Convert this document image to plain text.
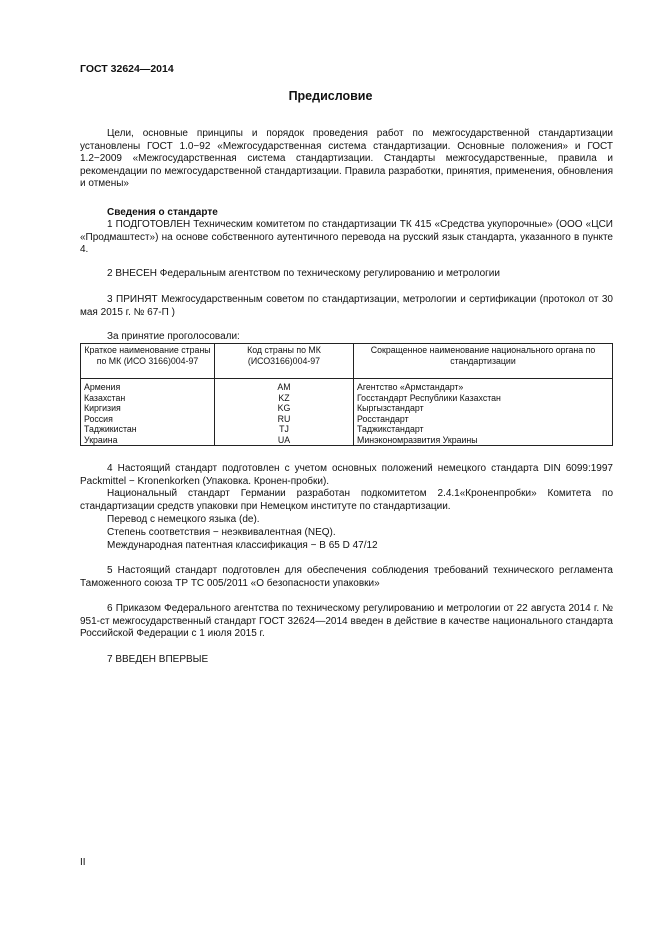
ГОСТ 32624—2014
Предисловие
Цели, основные принципы и порядок проведения работ по межгосударственной стандартизации установлены ГОСТ 1.0−92 «Межгосударственная система стандартизации. Основные положения» и ГОСТ 1.2−2009 «Межгосударственная система стандартизации. Стандарты межгосударственные, правила и рекомендации по межгосударственной стандартизации. Правила разработки, принятия, применения, обновления и отмены»
Сведения о стандарте
1 ПОДГОТОВЛЕН Техническим комитетом по стандартизации ТК 415 «Средства укупорочные» (ООО «ЦСИ «Продмаштест») на основе собственного аутентичного перевода на русский язык стандарта, указанного в пункте 4.
2 ВНЕСЕН Федеральным агентством по техническому регулированию и метрологии
3 ПРИНЯТ Межгосударственным советом по стандартизации, метрологии и сертификации (протокол от 30 мая 2015 г. № 67-П )
За принятие проголосовали:
Краткое наименование страны по МК (ИСО 3166)004-97	Код страны по МК (ИСО3166)004-97	Сокращенное наименование национального органа по стандартизации
Армения	AM	Агентство «Армстандарт»
Казахстан	KZ	Госстандарт Республики Казахстан
Киргизия	KG	Кыргызстандарт
Россия	RU	Росстандарт
Таджикистан	TJ	Таджикстандарт
Украина	UA	Минэкономразвития Украины
4 Настоящий стандарт подготовлен с учетом основных положений немецкого стандарта DIN 6099:1997 Packmittel − Kronenkorken (Упаковка. Кронен-пробки).
Национальный стандарт Германии разработан подкомитетом 2.4.1«Кроненпробки» Комитета по стандартизации средств упаковки при Немецком институте по стандартизации.
Перевод с немецкого языка (de).
Степень соответствия − неэквивалентная (NEQ).
Международная патентная классификация − B 65 D 47/12
5 Настоящий стандарт подготовлен для обеспечения соблюдения требований технического регламента Таможенного союза ТР ТС 005/2011 «О безопасности упаковки»
6 Приказом Федерального агентства по техническому регулированию и метрологии от 22 августа 2014 г. № 951-ст межгосударственный стандарт ГОСТ 32624—2014 введен в действие в качестве национального стандарта Российской Федерации с 1 июля 2015 г.
7 ВВЕДЕН ВПЕРВЫЕ
II
